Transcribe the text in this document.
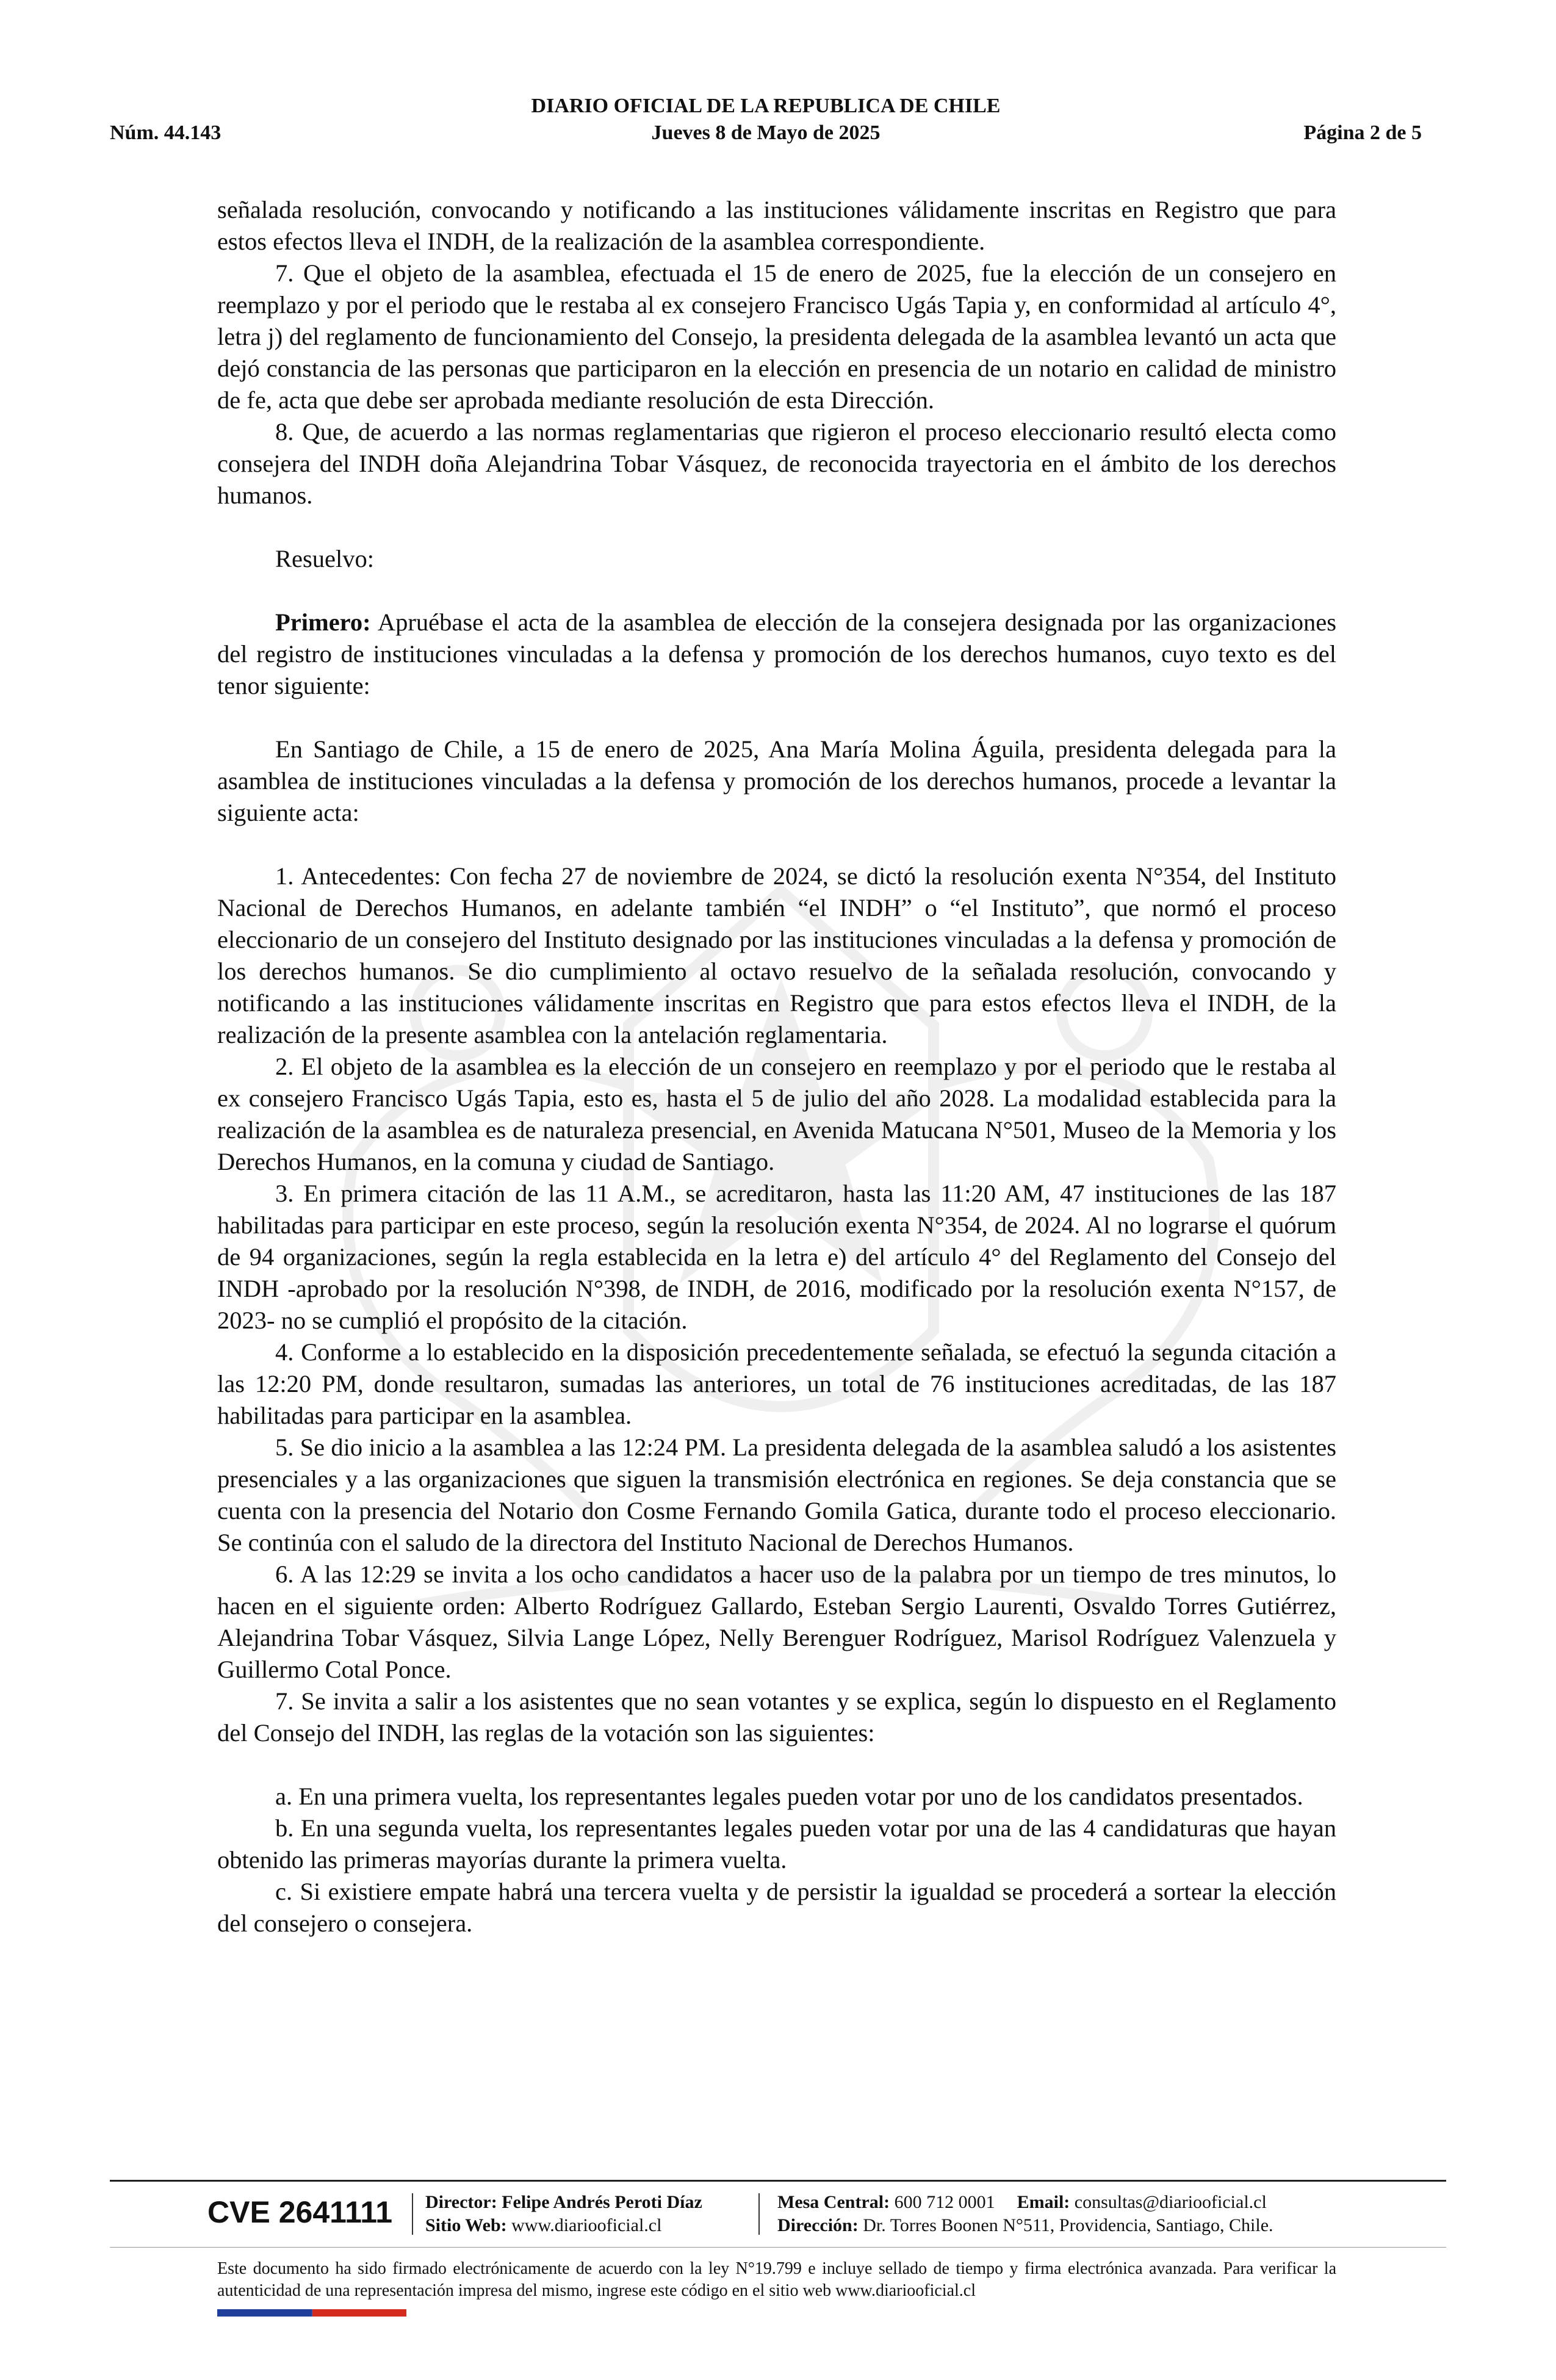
DIARIO OFICIAL DE LA REPUBLICA DE CHILE
Núm. 44.143	Jueves 8 de Mayo de 2025	Página 2 de 5

señalada resolución, convocando y notificando a las instituciones válidamente inscritas en Registro que para estos efectos lleva el INDH, de la realización de la asamblea correspondiente.

7. Que el objeto de la asamblea, efectuada el 15 de enero de 2025, fue la elección de un consejero en reemplazo y por el periodo que le restaba al ex consejero Francisco Ugás Tapia y, en conformidad al artículo 4°, letra j) del reglamento de funcionamiento del Consejo, la presidenta delegada de la asamblea levantó un acta que dejó constancia de las personas que participaron en la elección en presencia de un notario en calidad de ministro de fe, acta que debe ser aprobada mediante resolución de esta Dirección.

8. Que, de acuerdo a las normas reglamentarias que rigieron el proceso eleccionario resultó electa como consejera del INDH doña Alejandrina Tobar Vásquez, de reconocida trayectoria en el ámbito de los derechos humanos.

Resuelvo:

Primero: Apruébase el acta de la asamblea de elección de la consejera designada por las organizaciones del registro de instituciones vinculadas a la defensa y promoción de los derechos humanos, cuyo texto es del tenor siguiente:

En Santiago de Chile, a 15 de enero de 2025, Ana María Molina Águila, presidenta delegada para la asamblea de instituciones vinculadas a la defensa y promoción de los derechos humanos, procede a levantar la siguiente acta:

1. Antecedentes: Con fecha 27 de noviembre de 2024, se dictó la resolución exenta N°354, del Instituto Nacional de Derechos Humanos, en adelante también “el INDH” o “el Instituto”, que normó el proceso eleccionario de un consejero del Instituto designado por las instituciones vinculadas a la defensa y promoción de los derechos humanos. Se dio cumplimiento al octavo resuelvo de la señalada resolución, convocando y notificando a las instituciones válidamente inscritas en Registro que para estos efectos lleva el INDH, de la realización de la presente asamblea con la antelación reglamentaria.

2. El objeto de la asamblea es la elección de un consejero en reemplazo y por el periodo que le restaba al ex consejero Francisco Ugás Tapia, esto es, hasta el 5 de julio del año 2028. La modalidad establecida para la realización de la asamblea es de naturaleza presencial, en Avenida Matucana N°501, Museo de la Memoria y los Derechos Humanos, en la comuna y ciudad de Santiago.

3. En primera citación de las 11 A.M., se acreditaron, hasta las 11:20 AM, 47 instituciones de las 187 habilitadas para participar en este proceso, según la resolución exenta N°354, de 2024. Al no lograrse el quórum de 94 organizaciones, según la regla establecida en la letra e) del artículo 4° del Reglamento del Consejo del INDH -aprobado por la resolución N°398, de INDH, de 2016, modificado por la resolución exenta N°157, de 2023- no se cumplió el propósito de la citación.

4. Conforme a lo establecido en la disposición precedentemente señalada, se efectuó la segunda citación a las 12:20 PM, donde resultaron, sumadas las anteriores, un total de 76 instituciones acreditadas, de las 187 habilitadas para participar en la asamblea.

5. Se dio inicio a la asamblea a las 12:24 PM. La presidenta delegada de la asamblea saludó a los asistentes presenciales y a las organizaciones que siguen la transmisión electrónica en regiones. Se deja constancia que se cuenta con la presencia del Notario don Cosme Fernando Gomila Gatica, durante todo el proceso eleccionario. Se continúa con el saludo de la directora del Instituto Nacional de Derechos Humanos.

6. A las 12:29 se invita a los ocho candidatos a hacer uso de la palabra por un tiempo de tres minutos, lo hacen en el siguiente orden: Alberto Rodríguez Gallardo, Esteban Sergio Laurenti, Osvaldo Torres Gutiérrez, Alejandrina Tobar Vásquez, Silvia Lange López, Nelly Berenguer Rodríguez, Marisol Rodríguez Valenzuela y Guillermo Cotal Ponce.

7. Se invita a salir a los asistentes que no sean votantes y se explica, según lo dispuesto en el Reglamento del Consejo del INDH, las reglas de la votación son las siguientes:

a. En una primera vuelta, los representantes legales pueden votar por uno de los candidatos presentados.

b. En una segunda vuelta, los representantes legales pueden votar por una de las 4 candidaturas que hayan obtenido las primeras mayorías durante la primera vuelta.

c. Si existiere empate habrá una tercera vuelta y de persistir la igualdad se procederá a sortear la elección del consejero o consejera.

CVE 2641111 Director: Felipe Andrés Peroti Díaz
Sitio Web: www.diariooficial.cl
Mesa Central: 600 712 0001 Email: consultas@diariooficial.cl
Dirección: Dr. Torres Boonen N°511, Providencia, Santiago, Chile.
Este documento ha sido firmado electrónicamente de acuerdo con la ley N°19.799 e incluye sellado de tiempo y firma electrónica avanzada. Para verificar la autenticidad de una representación impresa del mismo, ingrese este código en el sitio web www.diariooficial.cl
